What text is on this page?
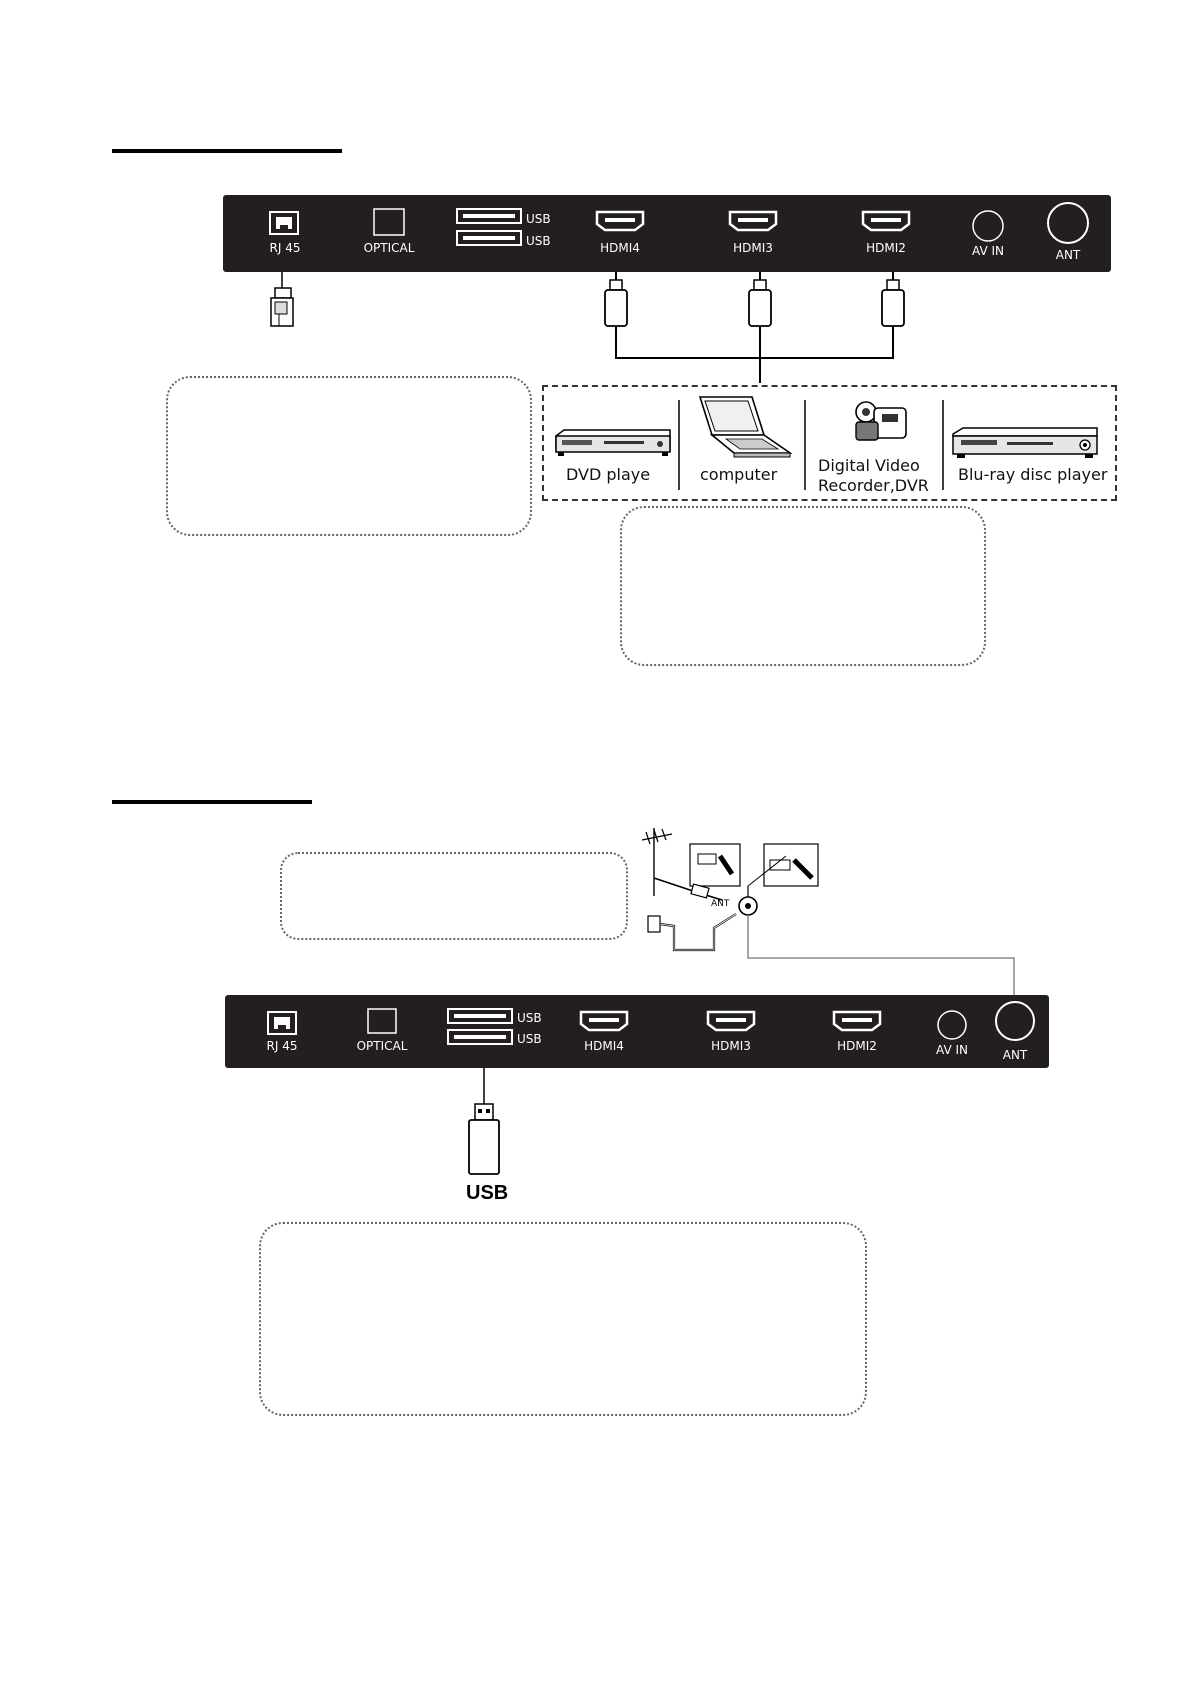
RJ 45	OPTICAL
USB
USB	HDMI4	HDMI3	HDMI2	AV IN	ANT
DVD playe	computer	Digital Video
Recorder,DVR
Blu-ray disc player
ANT
RJ 45	OPTICAL
USB
USB	HDMI4	HDMI3	HDMI2	AV IN	ANT
USB
